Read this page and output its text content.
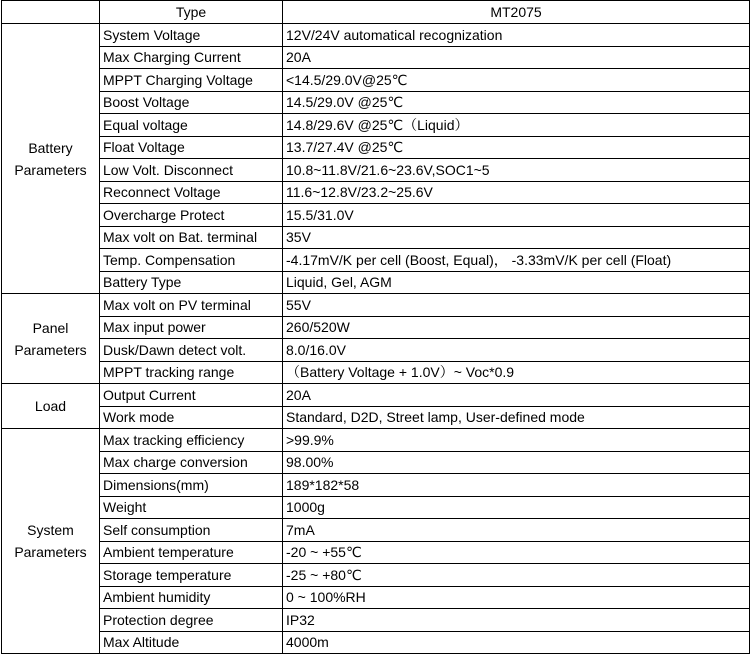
	Type	MT2075

Battery
Parameters	System Voltage	12V/24V automatical recognization
	Max Charging Current	20A
	MPPT Charging Voltage	<14.5/29.0V@25℃
	Boost Voltage	14.5/29.0V @25℃
	Equal voltage	14.8/29.6V @25℃（Liquid）
	Float Voltage	13.7/27.4V @25℃
	Low Volt. Disconnect	10.8~11.8V/21.6~23.6V,SOC1~5
	Reconnect Voltage	11.6~12.8V/23.2~25.6V
	Overcharge Protect	15.5/31.0V
	Max volt on Bat. terminal	35V
	Temp. Compensation	-4.17mV/K per cell (Boost, Equal)， -3.33mV/K per cell (Float)
	Battery Type	Liquid, Gel, AGM

Panel
Parameters	Max volt on PV terminal	55V
	Max input power	260/520W
	Dusk/Dawn detect volt.	8.0/16.0V
	MPPT tracking range	（Battery Voltage + 1.0V）~ Voc*0.9

Load	Output Current	20A
	Work mode	Standard, D2D, Street lamp, User-defined mode

System
Parameters	Max tracking efficiency	>99.9%
	Max charge conversion	98.00%
	Dimensions(mm)	189*182*58
	Weight	1000g
	Self consumption	7mA
	Ambient temperature	-20 ~ +55℃
	Storage temperature	-25 ~ +80℃
	Ambient humidity	0 ~ 100%RH
	Protection degree	IP32
	Max Altitude	4000m
